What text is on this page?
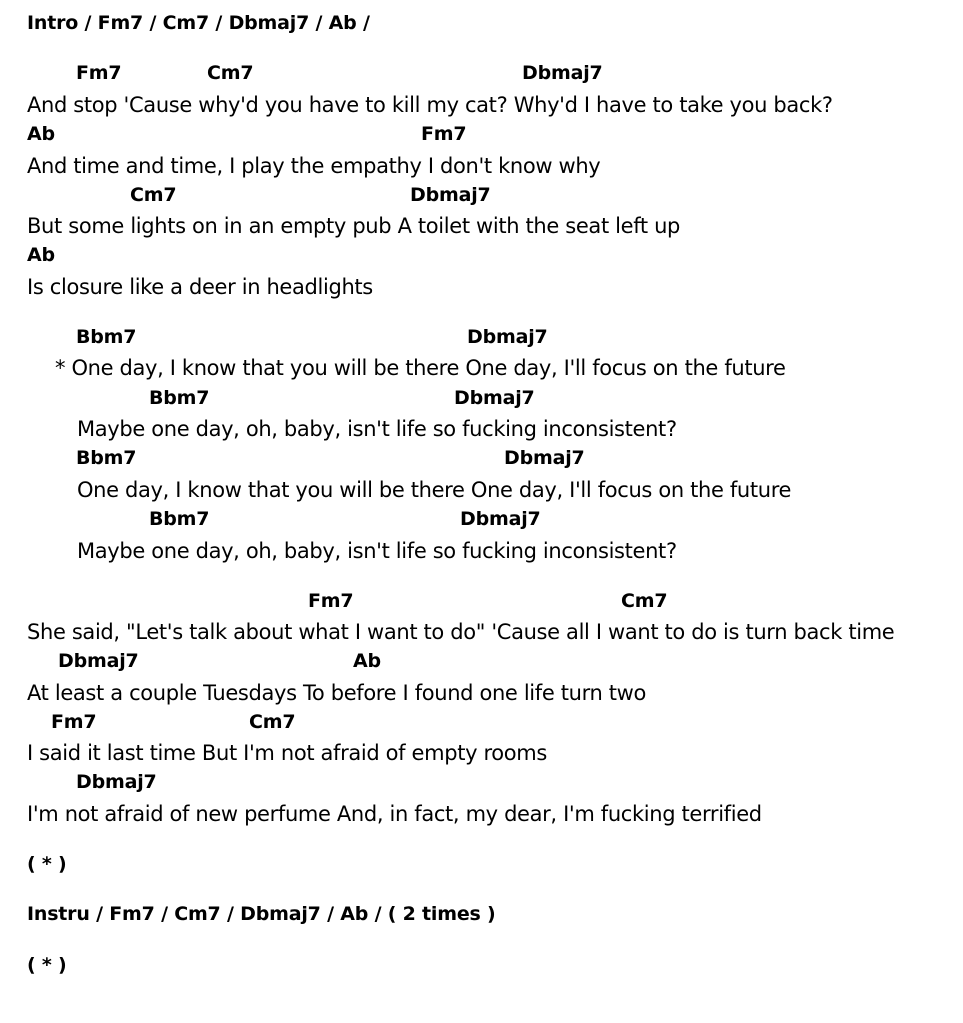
Intro / Fm7 / Cm7 / Dbmaj7 / Ab /
Fm7	Cm7	Dbmaj7
And stop 'Cause why'd you have to kill my cat? Why'd I have to take you back?
Ab	Fm7
And time and time, I play the empathy I don't know why
Cm7	Dbmaj7
But some lights on in an empty pub A toilet with the seat left up
Ab
Is closure like a deer in headlights
Bbm7	Dbmaj7
* One day, I know that you will be there One day, I'll focus on the future
Bbm7	Dbmaj7
Maybe one day, oh, baby, isn't life so fucking inconsistent?
Bbm7	Dbmaj7
One day, I know that you will be there One day, I'll focus on the future
Bbm7	Dbmaj7
Maybe one day, oh, baby, isn't life so fucking inconsistent?
Fm7	Cm7
She said, "Let's talk about what I want to do" 'Cause all I want to do is turn back time
Dbmaj7	Ab
At least a couple Tuesdays To before I found one life turn two
Fm7	Cm7
I said it last time But I'm not afraid of empty rooms
Dbmaj7
I'm not afraid of new perfume And, in fact, my dear, I'm fucking terrified
( * )
Instru / Fm7 / Cm7 / Dbmaj7 / Ab / ( 2 times )
( * )
